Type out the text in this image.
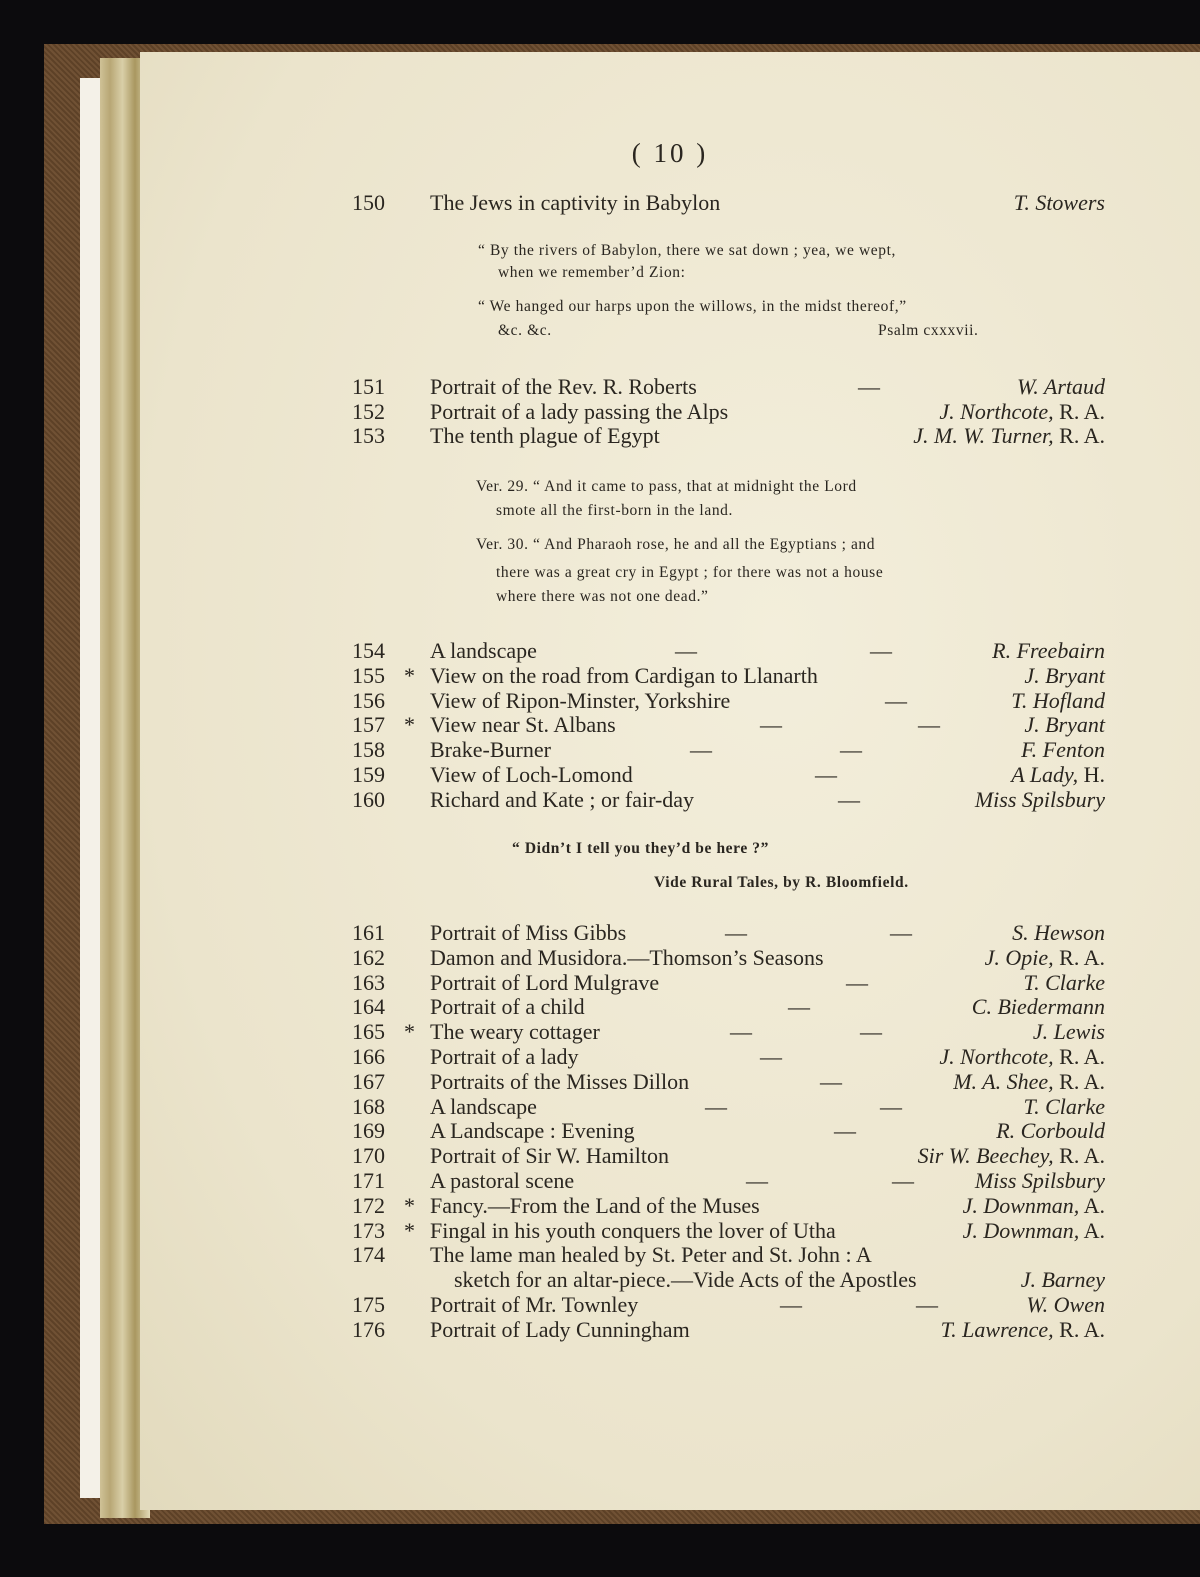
( 10 )
150 The Jews in captivity in Babylon	T. Stowers
“ By the rivers of Babylon, there we sat down ; yea, we wept,
when we remember’d Zion:
“ We hanged our harps upon the willows, in the midst thereof,”
&c. &c.	Psalm cxxxvii.
151 Portrait of the Rev. R. Roberts	—	W. Artaud
152 Portrait of a lady passing the Alps	J. Northcote, R. A.
153 The tenth plague of Egypt	J. M. W. Turner, R. A.
Ver. 29. “ And it came to pass, that at midnight the Lord
smote all the first-born in the land.
Ver. 30. “ And Pharaoh rose, he and all the Egyptians ; and
there was a great cry in Egypt ; for there was not a house
where there was not one dead.”
154 A landscape	—	—	R. Freebairn
155 * View on the road from Cardigan to Llanarth	J. Bryant
156 View of Ripon-Minster, Yorkshire	—	T. Hofland
157 * View near St. Albans	—	—	J. Bryant
158 Brake-Burner	—	—	F. Fenton
159 View of Loch-Lomond	—	A Lady, H.
160 Richard and Kate ; or fair-day	—	Miss Spilsbury
“ Didn’t I tell you they’d be here ?”
Vide Rural Tales, by R. Bloomfield.
161 Portrait of Miss Gibbs	—	—	S. Hewson
162 Damon and Musidora.—Thomson’s Seasons	J. Opie, R. A.
163 Portrait of Lord Mulgrave	—	T. Clarke
164 Portrait of a child	—	C. Biedermann
165 * The weary cottager	—	—	J. Lewis
166 Portrait of a lady	—	J. Northcote, R. A.
167 Portraits of the Misses Dillon	—	M. A. Shee, R. A.
168 A landscape	—	—	T. Clarke
169 A Landscape : Evening	—	R. Corbould
170 Portrait of Sir W. Hamilton	Sir W. Beechey, R. A.
171 A pastoral scene	—	—	Miss Spilsbury
172 * Fancy.—From the Land of the Muses	J. Downman, A.
173 * Fingal in his youth conquers the lover of Utha	J. Downman, A.
174 The lame man healed by St. Peter and St. John : A
sketch for an altar-piece.—Vide Acts of the Apostles	J. Barney
175 Portrait of Mr. Townley	—	—	W. Owen
176 Portrait of Lady Cunningham	T. Lawrence, R. A.
